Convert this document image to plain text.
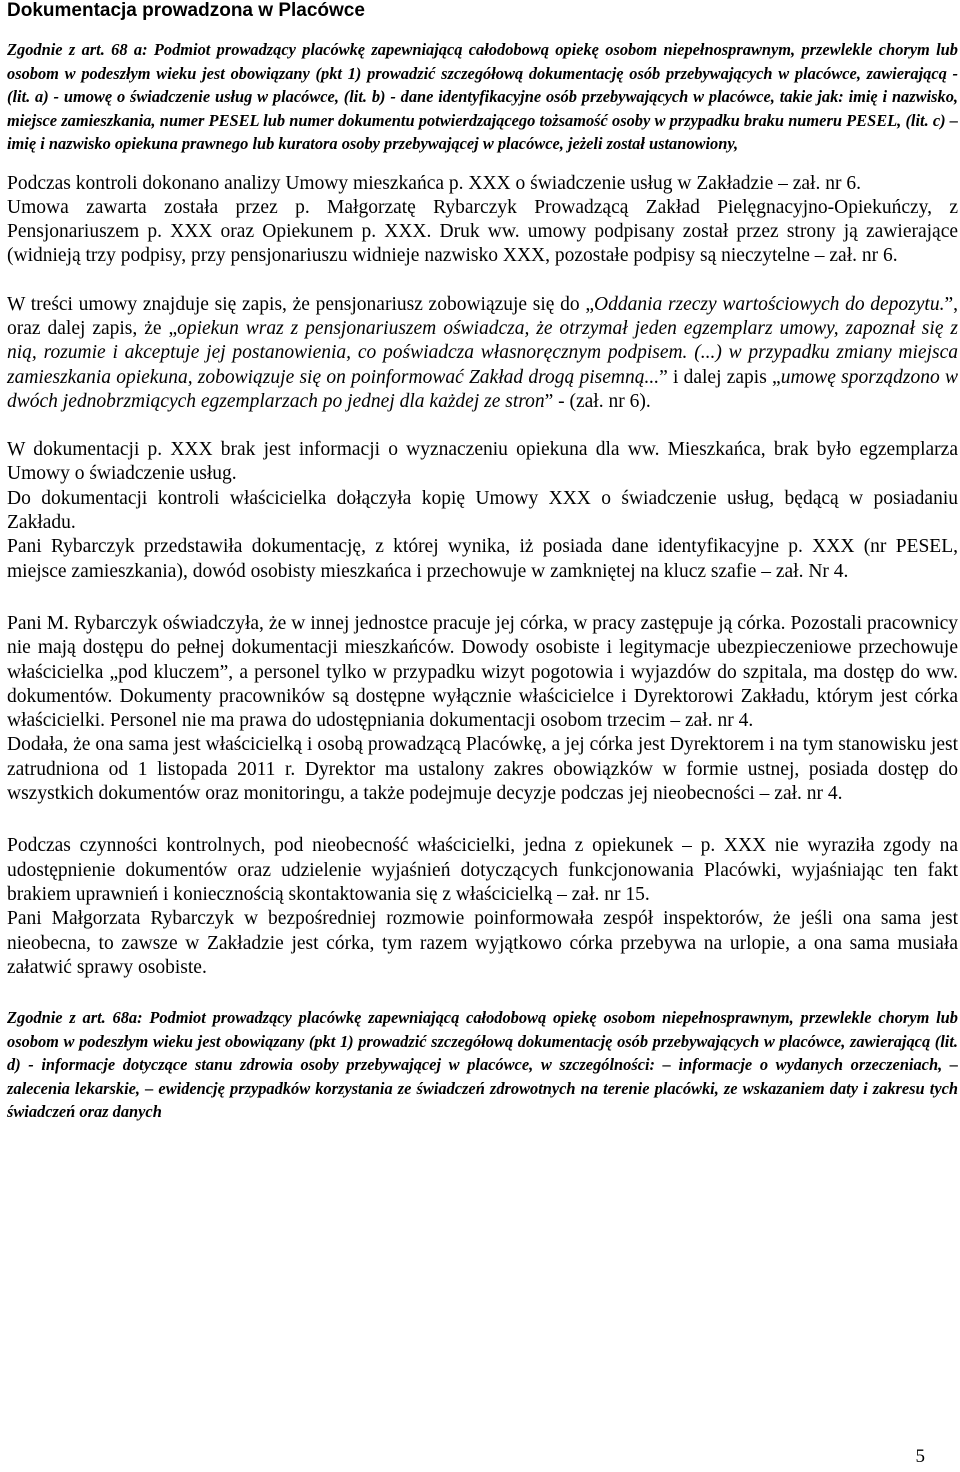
Dokumentacja prowadzona w Placówce

Zgodnie z art. 68 a: Podmiot prowadzący placówkę zapewniającą całodobową opiekę osobom niepełnosprawnym, przewlekle chorym lub osobom w podeszłym wieku jest obowiązany (pkt 1) prowadzić szczegółową dokumentację osób przebywających w placówce, zawierającą - (lit. a) - umowę o świadczenie usług w placówce, (lit. b) - dane identyfikacyjne osób przebywających w placówce, takie jak: imię i nazwisko, miejsce zamieszkania, numer PESEL lub numer dokumentu potwierdzającego tożsamość osoby w przypadku braku numeru PESEL, (lit. c) – imię i nazwisko opiekuna prawnego lub kuratora osoby przebywającej w placówce, jeżeli został ustanowiony,

Podczas kontroli dokonano analizy Umowy mieszkańca p. XXX o świadczenie usług w Zakładzie – zał. nr 6.

Umowa zawarta została przez p. Małgorzatę Rybarczyk Prowadzącą Zakład Pielęgnacyjno-Opiekuńczy, z Pensjonariuszem p. XXX oraz Opiekunem p. XXX. Druk ww. umowy podpisany został przez strony ją zawierające (widnieją trzy podpisy, przy pensjonariuszu widnieje nazwisko XXX, pozostałe podpisy są nieczytelne – zał. nr 6.

W treści umowy znajduje się zapis, że pensjonariusz zobowiązuje się do „Oddania rzeczy wartościowych do depozytu.”, oraz dalej zapis, że „opiekun wraz z pensjonariuszem oświadcza, że otrzymał jeden egzemplarz umowy, zapoznał się z nią, rozumie i akceptuje jej postanowienia, co poświadcza własnoręcznym podpisem. (...) w przypadku zmiany miejsca zamieszkania opiekuna, zobowiązuje się on poinformować Zakład drogą pisemną...” i dalej zapis „umowę sporządzono w dwóch jednobrzmiących egzemplarzach po jednej dla każdej ze stron” - (zał. nr 6).

W dokumentacji p. XXX brak jest informacji o wyznaczeniu opiekuna dla ww. Mieszkańca, brak było egzemplarza Umowy o świadczenie usług.

Do dokumentacji kontroli właścicielka dołączyła kopię Umowy XXX o świadczenie usług, będącą w posiadaniu Zakładu.

Pani Rybarczyk przedstawiła dokumentację, z której wynika, iż posiada dane identyfikacyjne p. XXX (nr PESEL, miejsce zamieszkania), dowód osobisty mieszkańca i przechowuje w zamkniętej na klucz szafie – zał. Nr 4.

Pani M. Rybarczyk oświadczyła, że w innej jednostce pracuje jej córka, w pracy zastępuje ją córka. Pozostali pracownicy nie mają dostępu do pełnej dokumentacji mieszkańców. Dowody osobiste i legitymacje ubezpieczeniowe przechowuje właścicielka „pod kluczem”, a personel tylko w przypadku wizyt pogotowia i wyjazdów do szpitala, ma dostęp do ww. dokumentów. Dokumenty pracowników są dostępne wyłącznie właścicielce i Dyrektorowi Zakładu, którym jest córka właścicielki. Personel nie ma prawa do udostępniania dokumentacji osobom trzecim – zał. nr 4.

Dodała, że ona sama jest właścicielką i osobą prowadzącą Placówkę, a jej córka jest Dyrektorem i na tym stanowisku jest zatrudniona od 1 listopada 2011 r. Dyrektor ma ustalony zakres obowiązków w formie ustnej, posiada dostęp do wszystkich dokumentów oraz monitoringu, a także podejmuje decyzje podczas jej nieobecności – zał. nr 4.

Podczas czynności kontrolnych, pod nieobecność właścicielki, jedna z opiekunek – p. XXX nie wyraziła zgody na udostępnienie dokumentów oraz udzielenie wyjaśnień dotyczących funkcjonowania Placówki, wyjaśniając ten fakt brakiem uprawnień i koniecznością skontaktowania się z właścicielką – zał. nr 15.

Pani Małgorzata Rybarczyk w bezpośredniej rozmowie poinformowała zespół inspektorów, że jeśli ona sama jest nieobecna, to zawsze w Zakładzie jest córka, tym razem wyjątkowo córka przebywa na urlopie, a ona sama musiała załatwić sprawy osobiste.

Zgodnie z art. 68a: Podmiot prowadzący placówkę zapewniającą całodobową opiekę osobom niepełnosprawnym, przewlekle chorym lub osobom w podeszłym wieku jest obowiązany (pkt 1) prowadzić szczegółową dokumentację osób przebywających w placówce, zawierającą (lit. d) - informacje dotyczące stanu zdrowia osoby przebywającej w placówce, w szczególności: – informacje o wydanych orzeczeniach, – zalecenia lekarskie, – ewidencję przypadków korzystania ze świadczeń zdrowotnych na terenie placówki, ze wskazaniem daty i zakresu tych świadczeń oraz danych

5
